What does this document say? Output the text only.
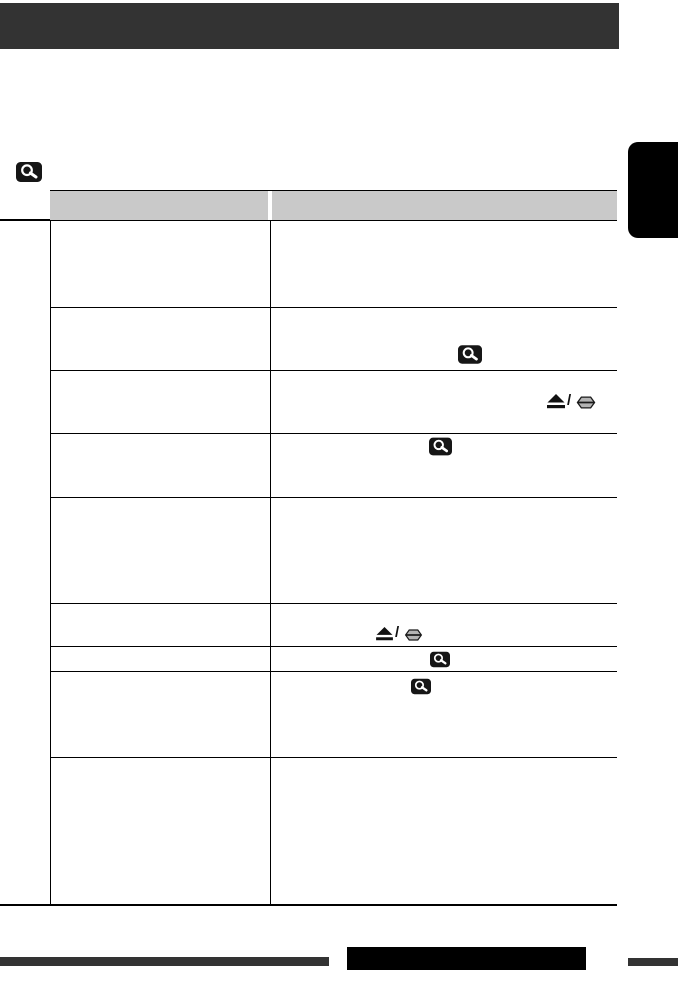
/
/
